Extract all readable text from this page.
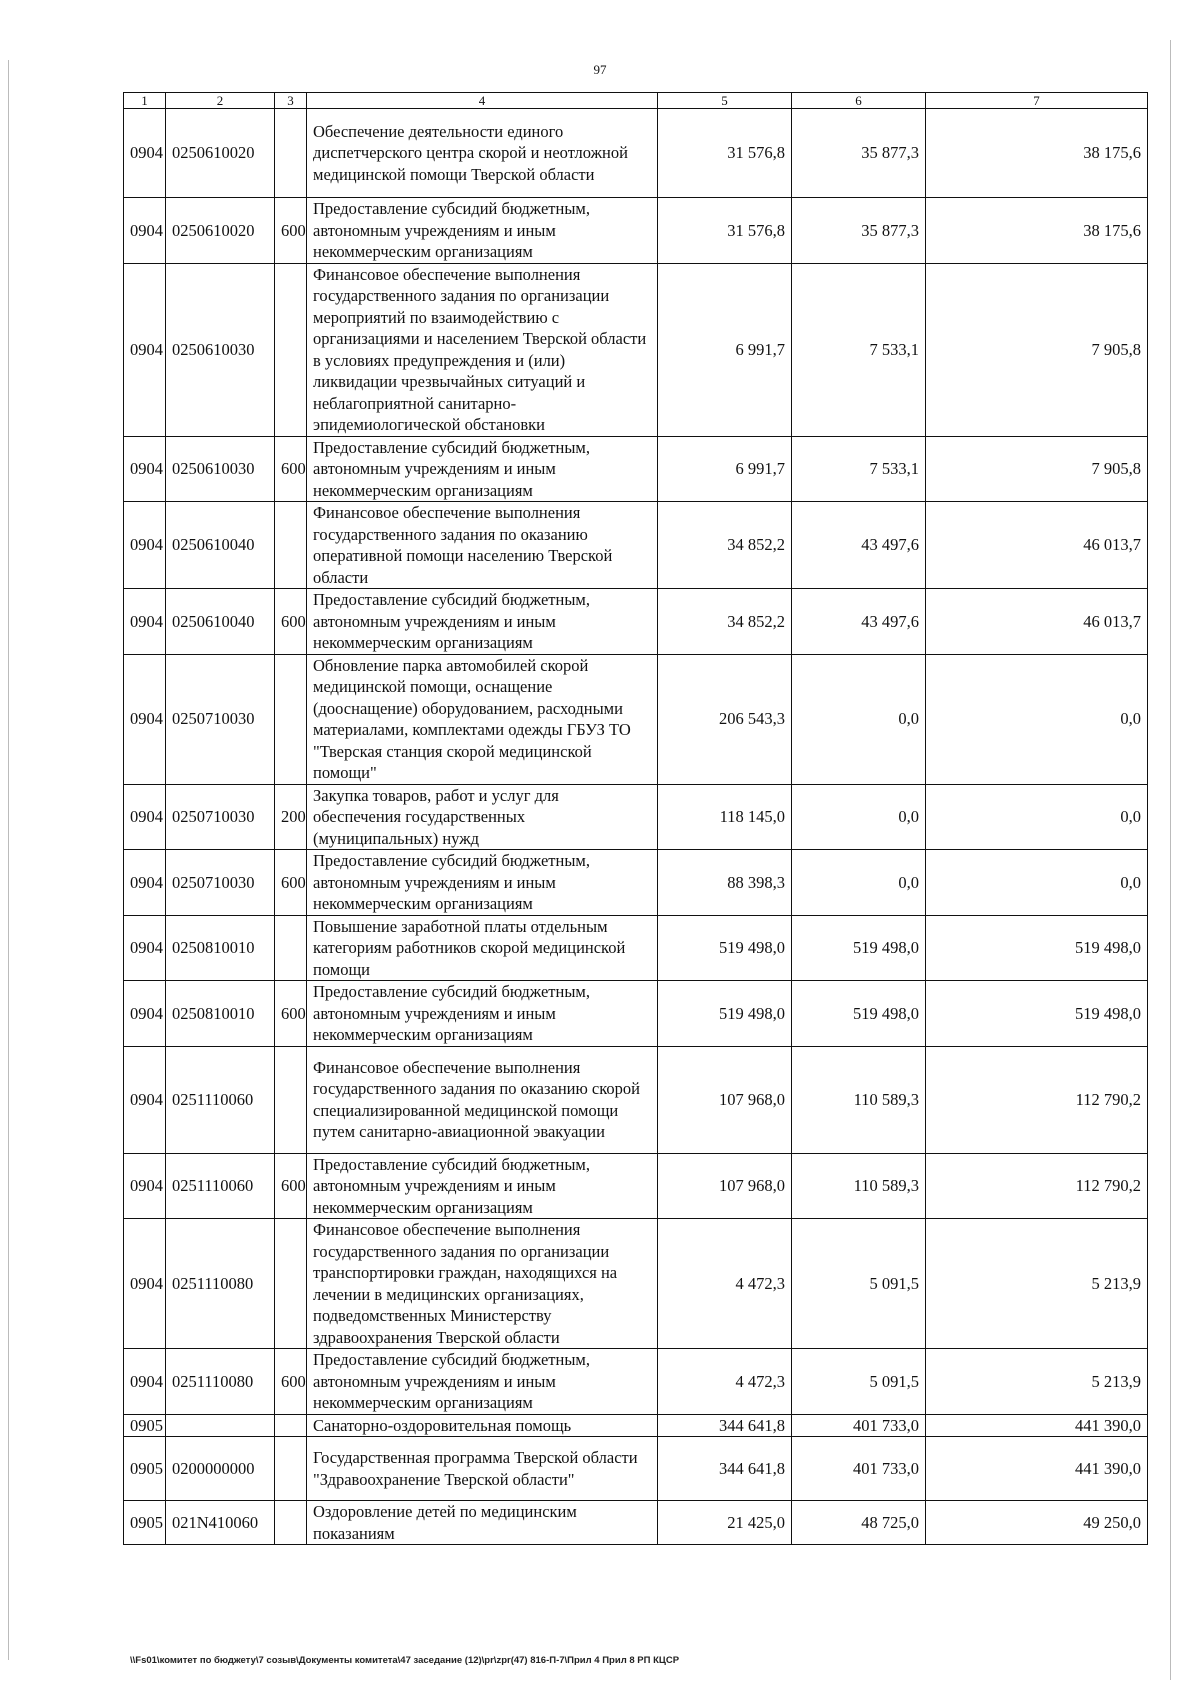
97
1	2	3	4	5	6	7
0904	0250610020		Обеспечение деятельности единого диспетчерского центра скорой и неотложной медицинской помощи Тверской области	31 576,8	35 877,3	38 175,6
0904	0250610020	600	Предоставление субсидий бюджетным, автономным учреждениям и иным некоммерческим организациям	31 576,8	35 877,3	38 175,6
0904	0250610030		Финансовое обеспечение выполнения государственного задания по организации мероприятий по взаимодействию с организациями и населением Тверской области в условиях предупреждения и (или) ликвидации чрезвычайных ситуаций и неблагоприятной санитарно-эпидемиологической обстановки	6 991,7	7 533,1	7 905,8
0904	0250610030	600	Предоставление субсидий бюджетным, автономным учреждениям и иным некоммерческим организациям	6 991,7	7 533,1	7 905,8
0904	0250610040		Финансовое обеспечение выполнения государственного задания по оказанию оперативной помощи населению Тверской области	34 852,2	43 497,6	46 013,7
0904	0250610040	600	Предоставление субсидий бюджетным, автономным учреждениям и иным некоммерческим организациям	34 852,2	43 497,6	46 013,7
0904	0250710030		Обновление парка автомобилей скорой медицинской помощи, оснащение (дооснащение) оборудованием, расходными материалами, комплектами одежды ГБУЗ ТО "Тверская станция скорой медицинской помощи"	206 543,3	0,0	0,0
0904	0250710030	200	Закупка товаров, работ и услуг для обеспечения государственных (муниципальных) нужд	118 145,0	0,0	0,0
0904	0250710030	600	Предоставление субсидий бюджетным, автономным учреждениям и иным некоммерческим организациям	88 398,3	0,0	0,0
0904	0250810010		Повышение заработной платы отдельным категориям работников скорой медицинской помощи	519 498,0	519 498,0	519 498,0
0904	0250810010	600	Предоставление субсидий бюджетным, автономным учреждениям и иным некоммерческим организациям	519 498,0	519 498,0	519 498,0
0904	0251110060		Финансовое обеспечение выполнения государственного задания по оказанию скорой специализированной медицинской помощи путем санитарно-авиационной эвакуации	107 968,0	110 589,3	112 790,2
0904	0251110060	600	Предоставление субсидий бюджетным, автономным учреждениям и иным некоммерческим организациям	107 968,0	110 589,3	112 790,2
0904	0251110080		Финансовое обеспечение выполнения государственного задания по организации транспортировки граждан, находящихся на лечении в медицинских организациях, подведомственных Министерству здравоохранения Тверской области	4 472,3	5 091,5	5 213,9
0904	0251110080	600	Предоставление субсидий бюджетным, автономным учреждениям и иным некоммерческим организациям	4 472,3	5 091,5	5 213,9
0905			Санаторно-оздоровительная помощь	344 641,8	401 733,0	441 390,0
0905	0200000000		Государственная программа Тверской области "Здравоохранение Тверской области"	344 641,8	401 733,0	441 390,0
0905	021N410060		Оздоровление детей по медицинским показаниям	21 425,0	48 725,0	49 250,0
\\Fs01\комитет по бюджету\7 созыв\Документы комитета\47 заседание (12)\pr\zpr(47) 816-П-7\Прил 4 Прил 8 РП КЦСР
